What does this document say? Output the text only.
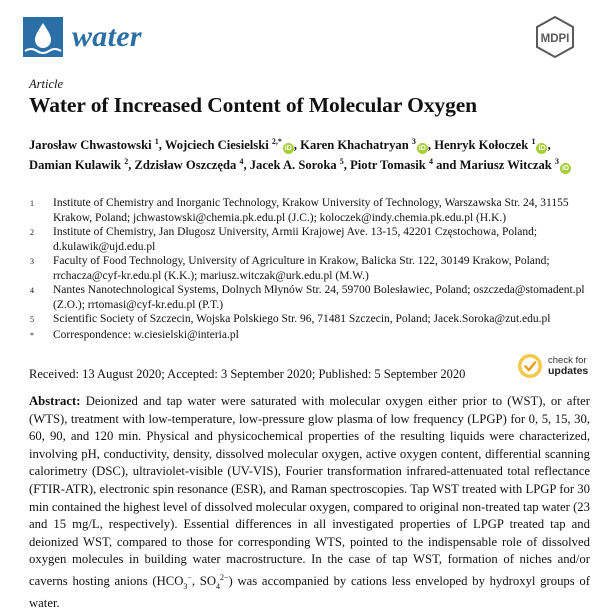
water	MDPI
Article
Water of Increased Content of Molecular Oxygen
Jarosław Chwastowski $^1$, Wojciech Ciesielski $^{2,*}$iD , Karen Khachatryan $^3$iD , Henryk Kołoczek $^1$iD , Damian Kulawik $^2$, Zdzisław Oszczęda $^4$, Jacek A. Soroka $^5$, Piotr Tomasik $^4$ and Mariusz Witczak $^3$iD
1	Institute of Chemistry and Inorganic Technology, Krakow University of Technology, Warszawska Str. 24, 31155 Krakow, Poland; jchwastowski@chemia.pk.edu.pl (J.C.); koloczek@indy.chemia.pk.edu.pl (H.K.)
2	Institute of Chemistry, Jan Długosz University, Armii Krajowej Ave. 13-15, 42201 Częstochowa, Poland; d.kulawik@ujd.edu.pl
3	Faculty of Food Technology, University of Agriculture in Krakow, Balicka Str. 122, 30149 Krakow, Poland; rrchacza@cyf-kr.edu.pl (K.K.); mariusz.witczak@urk.edu.pl (M.W.)
4	Nantes Nanotechnological Systems, Dolnych Młynów Str. 24, 59700 Bolesławiec, Poland; oszczeda@stomadent.pl (Z.O.); rrtomasi@cyf-kr.edu.pl (P.T.)
5	Scientific Society of Szczecin, Wojska Polskiego Str. 96, 71481 Szczecin, Poland; Jacek.Soroka@zut.edu.pl
*	Correspondence: w.ciesielski@interia.pl
Received: 13 August 2020; Accepted: 3 September 2020; Published: 5 September 2020
check for
updates
Abstract: Deionized and tap water were saturated with molecular oxygen either prior to (WST), or after (WTS), treatment with low-temperature, low-pressure glow plasma of low frequency (LPGP) for 0, 5, 15, 30, 60, 90, and 120 min. Physical and physicochemical properties of the resulting liquids were characterized, involving pH, conductivity, density, dissolved molecular oxygen, active oxygen content, differential scanning calorimetry (DSC), ultraviolet-visible (UV-VIS), Fourier transformation infrared-attenuated total reflectance (FTIR-ATR), electronic spin resonance (ESR), and Raman spectroscopies. Tap WST treated with LPGP for 30 min contained the highest level of dissolved molecular oxygen, compared to original non-treated tap water (23 and 15 mg/L, respectively). Essential differences in all investigated properties of LPGP treated tap and deionized WST, compared to those for corresponding WTS, pointed to the indispensable role of dissolved oxygen molecules in building water macrostructure. In the case of tap WST, formation of niches and/or caverns hosting anions ($HCO_3^-$, $SO_4^{2-}$) was accompanied by cations less enveloped by hydroxyl groups of water.
